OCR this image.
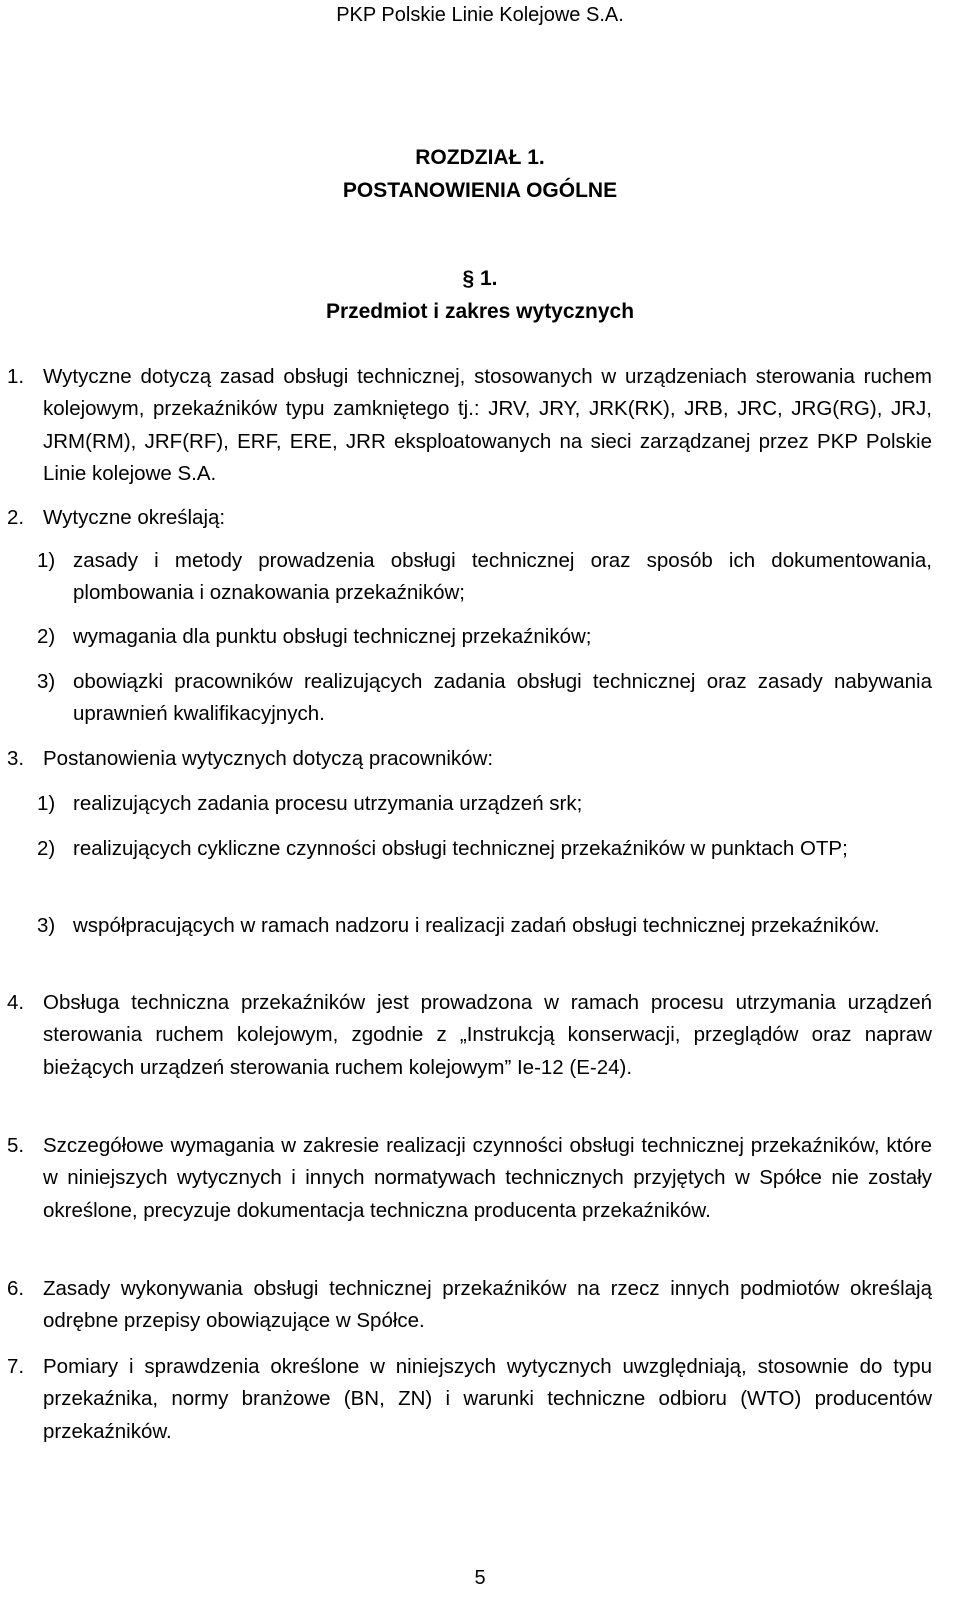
PKP Polskie Linie Kolejowe S.A.
ROZDZIAŁ 1.
POSTANOWIENIA OGÓLNE
§ 1.
Przedmiot i zakres wytycznych
1. Wytyczne dotyczą zasad obsługi technicznej, stosowanych w urządzeniach sterowania ruchem kolejowym, przekaźników typu zamkniętego tj.: JRV, JRY, JRK(RK), JRB, JRC, JRG(RG), JRJ, JRM(RM), JRF(RF), ERF, ERE, JRR eksploatowanych na sieci zarządzanej przez PKP Polskie Linie kolejowe S.A.
2. Wytyczne określają:
1) zasady i metody prowadzenia obsługi technicznej oraz sposób ich dokumentowania, plombowania i oznakowania przekaźników;
2) wymagania dla punktu obsługi technicznej przekaźników;
3) obowiązki pracowników realizujących zadania obsługi technicznej oraz zasady nabywania uprawnień kwalifikacyjnych.
3. Postanowienia wytycznych dotyczą pracowników:
1) realizujących zadania procesu utrzymania urządzeń srk;
2) realizujących cykliczne czynności obsługi technicznej przekaźników w punktach OTP;
3) współpracujących w ramach nadzoru i realizacji zadań obsługi technicznej przekaźników.
4. Obsługa techniczna przekaźników jest prowadzona w ramach procesu utrzymania urządzeń sterowania ruchem kolejowym, zgodnie z „Instrukcją konserwacji, przeglądów oraz napraw bieżących urządzeń sterowania ruchem kolejowym” Ie-12 (E-24).
5. Szczegółowe wymagania w zakresie realizacji czynności obsługi technicznej przekaźników, które w niniejszych wytycznych i innych normatywach technicznych przyjętych w Spółce nie zostały określone, precyzuje dokumentacja techniczna producenta przekaźników.
6. Zasady wykonywania obsługi technicznej przekaźników na rzecz innych podmiotów określają odrębne przepisy obowiązujące w Spółce.
7. Pomiary i sprawdzenia określone w niniejszych wytycznych uwzględniają, stosownie do typu przekaźnika, normy branżowe (BN, ZN) i warunki techniczne odbioru (WTO) producentów przekaźników.
5
